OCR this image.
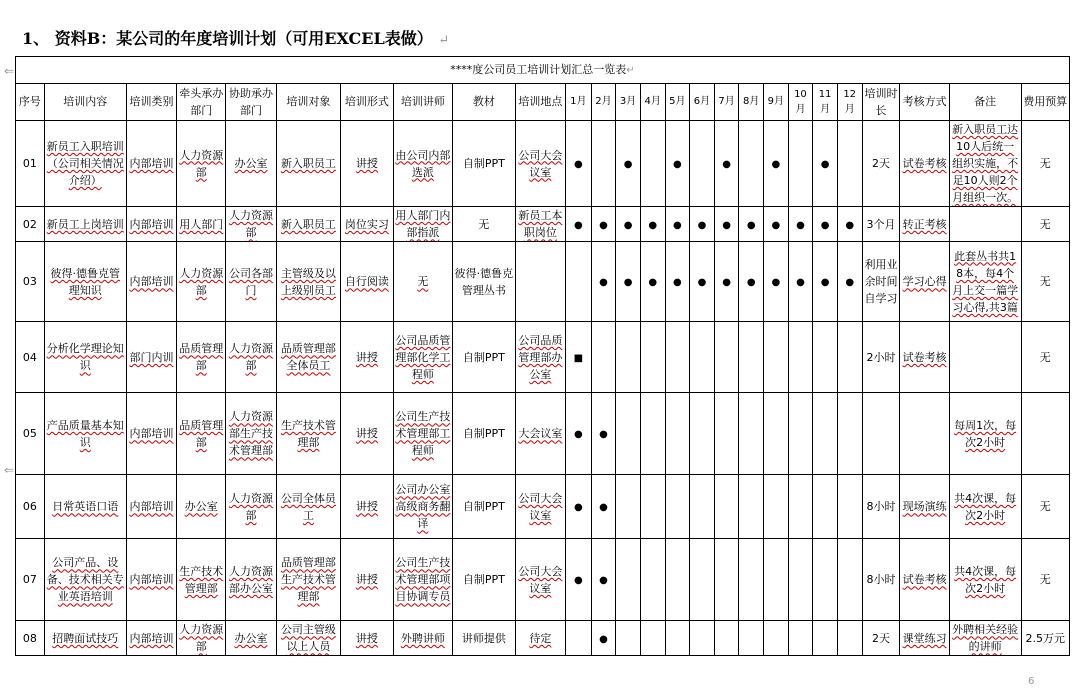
1、 资料B：某公司的年度培训计划（可用EXCEL表做） ↵
⇐
⇐
6
****度公司员工培训计划汇总一览表↵																									
序号	培训内容	培训类别	牵头承办部门	协助承办部门	培训对象	培训形式	培训讲师	教材	培训地点	1月	2月	3月	4月	5月	6月	7月	8月	9月	10月	11月	12月	培训时长	考核方式	备注	费用预算
01	新员工入职培训（公司相关情况介绍）	内部培训	人力资源部	办公室	新入职员工	讲授	由公司内部选派	自制PPT	公司大会议室	●		●		●		●		●		●		2天	试卷考核	新入职员工达10人后统一组织实施，不足10人则2个月组织一次。	无
02	新员工上岗培训	内部培训	用人部门	人力资源部	新入职员工	岗位实习	用人部门内部指派	无	新员工本职岗位	●	●	●	●	●	●	●	●	●	●	●	●	3个月	转正考核		无
03	彼得·德鲁克管理知识	内部培训	人力资源部	公司各部门	主管级及以上级别员工	自行阅读	无	彼得·德鲁克管理丛书			●	●	●	●	●	●	●	●	●	●	●	利用业余时间自学习	学习心得	此套丛书共18本，每4个月上交一篇学习心得,共3篇	无
04	分析化学理论知识	部门内训	品质管理部	人力资源部	品质管理部全体员工	讲授	公司品质管理部化学工程师	自制PPT	公司品质管理部办公室	■												2小时	试卷考核		无
05	产品质量基本知识	内部培训	品质管理部	人力资源部生产技术管理部	生产技术管理部	讲授	公司生产技术管理部工程师	自制PPT	大会议室	●	●													每周1次，每次2小时	
06	日常英语口语	内部培训	办公室	人力资源部	公司全体员工	讲授	公司办公室高级商务翻译	自制PPT	公司大会议室	●	●											8小时	现场演练	共4次课，每次2小时	无
07	公司产品、设备、技术相关专业英语培训	内部培训	生产技术管理部	人力资源部办公室	品质管理部生产技术管理部	讲授	公司生产技术管理部项目协调专员	自制PPT	公司大会议室	●	●											8小时	试卷考核	共4次课，每次2小时	无
08	招聘面试技巧	内部培训	人力资源部	办公室	公司主管级以上人员	讲授	外聘讲师	讲师提供	待定		●											2天	课堂练习	外聘相关经验的讲师	2.5万元
